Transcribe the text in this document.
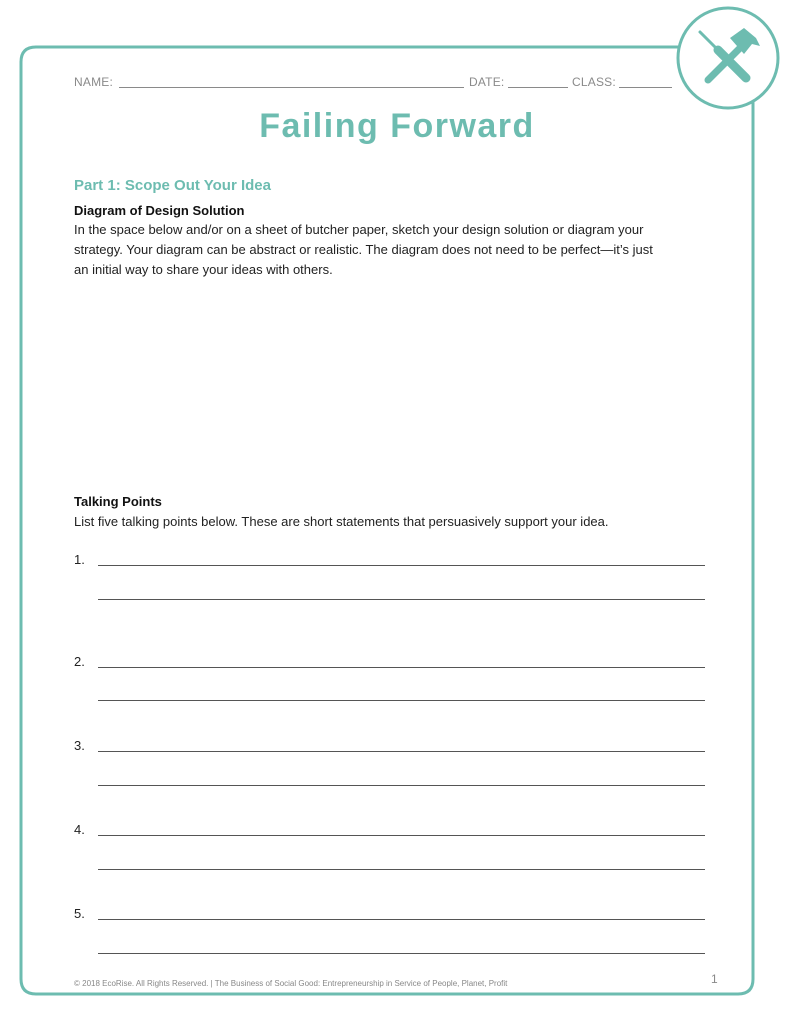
NAME:	DATE:	CLASS:
Failing Forward
Part 1: Scope Out Your Idea
Diagram of Design Solution
In the space below and/or on a sheet of butcher paper, sketch your design solution or diagram your
strategy. Your diagram can be abstract or realistic. The diagram does not need to be perfect—it’s just
an initial way to share your ideas with others.
Talking Points
List five talking points below. These are short statements that persuasively support your idea.
1.
2.
3.
4.
5.
© 2018 EcoRise. All Rights Reserved. | The Business of Social Good: Entrepreneurship in Service of People, Planet, Profit	1
